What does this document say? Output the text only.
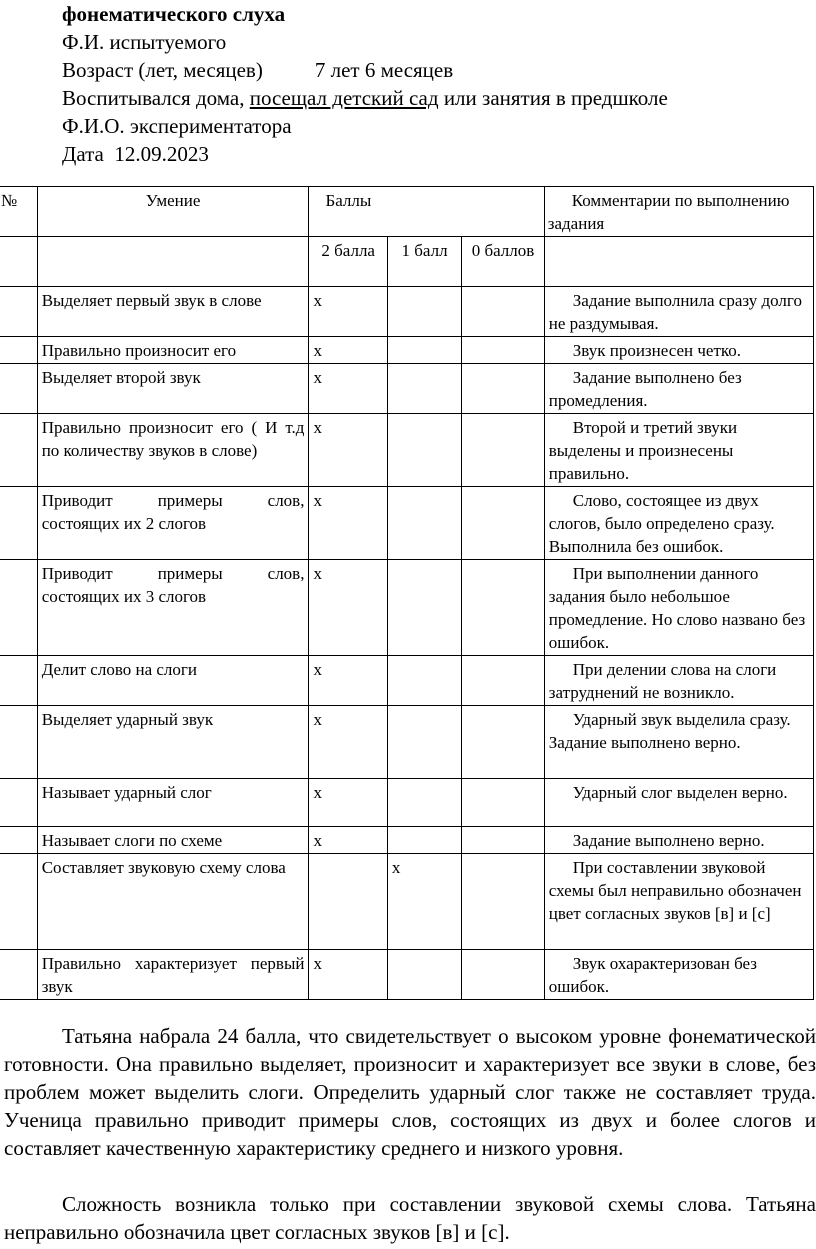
фонематического слуха
Ф.И. испытуемого
Возраст (лет, месяцев) 7 лет 6 месяцев
Воспитывался дома, посещал детский сад или занятия в предшколе
Ф.И.О. экспериментатора
Дата 12.09.2023
№	Умение	Баллы			Комментарии по выполнению задания
		2 балла	1 балл	0 баллов	
	Выделяет первый звук в слове	х			Задание выполнила сразу долго не раздумывая.
	Правильно произносит его	х			Звук произнесен четко.
	Выделяет второй звук	х			Задание выполнено без промедления.
	Правильно произносит его ( И т.д по количеству звуков в слове)	х			Второй и третий звуки выделены и произнесены правильно.
	Приводит примеры слов, состоящих их 2 слогов	х			Слово, состоящее из двух слогов, было определено сразу. Выполнила без ошибок.
	Приводит примеры слов, состоящих их 3 слогов	х			При выполнении данного задания было небольшое промедление. Но слово названо без ошибок.
	Делит слово на слоги	х			При делении слова на слоги затруднений не возникло.
	Выделяет ударный звук	х			Ударный звук выделила сразу. Задание выполнено верно.
	Называет ударный слог	х			Ударный слог выделен верно.
	Называет слоги по схеме	х			Задание выполнено верно.
	Составляет звуковую схему слова		х		При составлении звуковой схемы был неправильно обозначен цвет согласных звуков [в] и [с]
	Правильно характеризует первый звук	х			Звук охарактеризован без ошибок.
Татьяна набрала 24 балла, что свидетельствует о высоком уровне фонематической готовности. Она правильно выделяет, произносит и характеризует все звуки в слове, без проблем может выделить слоги. Определить ударный слог также не составляет труда. Ученица правильно приводит примеры слов, состоящих из двух и более слогов и составляет качественную характеристику среднего и низкого уровня.
Сложность возникла только при составлении звуковой схемы слова. Татьяна неправильно обозначила цвет согласных звуков [в] и [с].
